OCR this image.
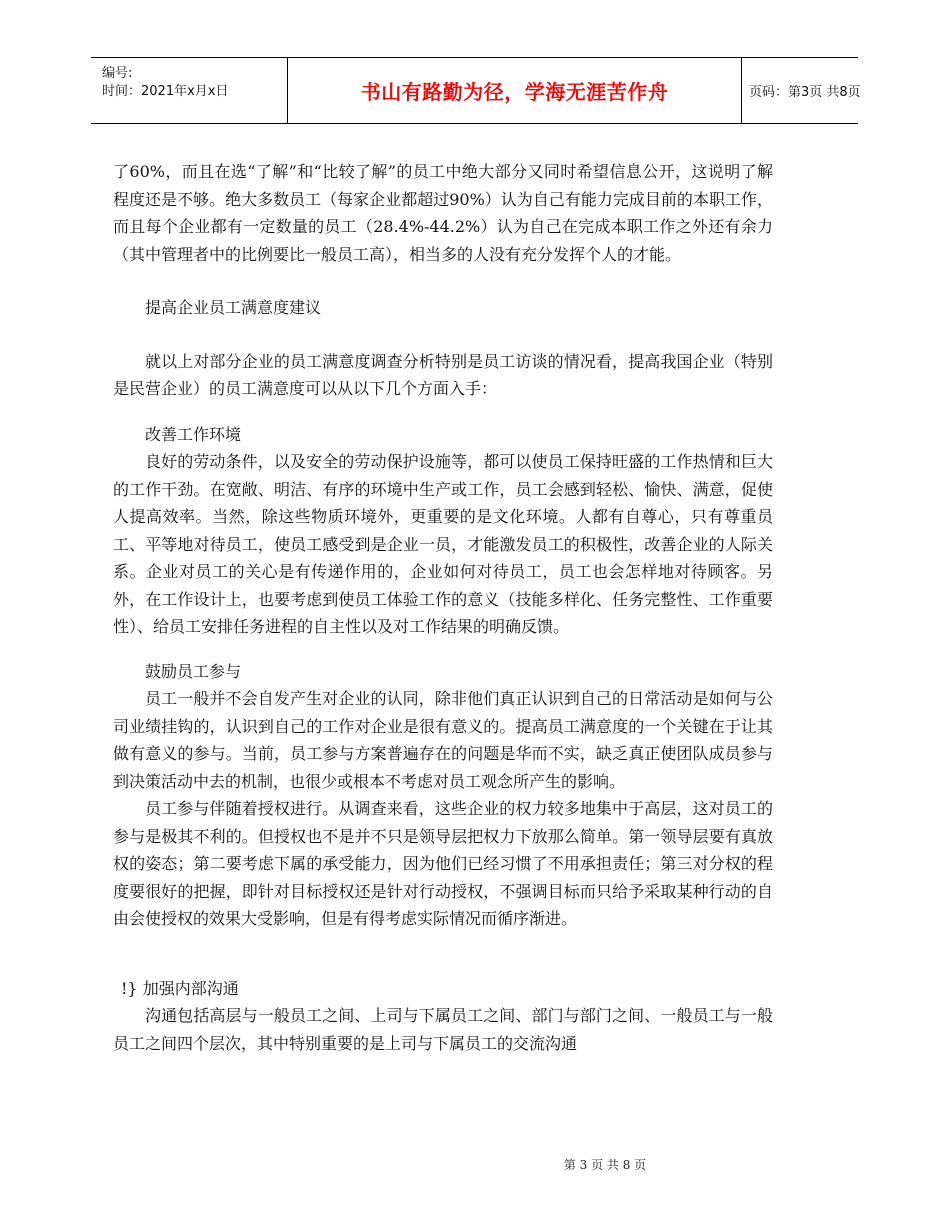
编号:
时间：2021年x月x日	书山有路勤为径，学海无涯苦作舟	页码：第3页 共8页

了60%，而且在选“了解”和“比较了解”的员工中绝大部分又同时希望信息公开，这说明了解程度还是不够。绝大多数员工（每家企业都超过90%）认为自己有能力完成目前的本职工作，而且每个企业都有一定数量的员工（28.4%-44.2%）认为自己在完成本职工作之外还有余力（其中管理者中的比例要比一般员工高），相当多的人没有充分发挥个人的才能。

提高企业员工满意度建议

就以上对部分企业的员工满意度调查分析特别是员工访谈的情况看，提高我国企业（特别是民营企业）的员工满意度可以从以下几个方面入手：

改善工作环境

良好的劳动条件，以及安全的劳动保护设施等，都可以使员工保持旺盛的工作热情和巨大的工作干劲。在宽敞、明洁、有序的环境中生产或工作，员工会感到轻松、愉快、满意，促使人提高效率。当然，除这些物质环境外，更重要的是文化环境。人都有自尊心，只有尊重员工、平等地对待员工，使员工感受到是企业一员，才能激发员工的积极性，改善企业的人际关系。企业对员工的关心是有传递作用的，企业如何对待员工，员工也会怎样地对待顾客。另外，在工作设计上，也要考虑到使员工体验工作的意义（技能多样化、任务完整性、工作重要性）、给员工安排任务进程的自主性以及对工作结果的明确反馈。

鼓励员工参与

员工一般并不会自发产生对企业的认同，除非他们真正认识到自己的日常活动是如何与公司业绩挂钩的，认识到自己的工作对企业是很有意义的。提高员工满意度的一个关键在于让其做有意义的参与。当前，员工参与方案普遍存在的问题是华而不实，缺乏真正使团队成员参与到决策活动中去的机制，也很少或根本不考虑对员工观念所产生的影响。

员工参与伴随着授权进行。从调查来看，这些企业的权力较多地集中于高层，这对员工的参与是极其不利的。但授权也不是并不只是领导层把权力下放那么简单。第一领导层要有真放权的姿态；第二要考虑下属的承受能力，因为他们已经习惯了不用承担责任；第三对分权的程度要很好的把握，即针对目标授权还是针对行动授权，不强调目标而只给予采取某种行动的自由会使授权的效果大受影响，但是有得考虑实际情况而循序渐进。

!} 加强内部沟通

沟通包括高层与一般员工之间、上司与下属员工之间、部门与部门之间、一般员工与一般员工之间四个层次，其中特别重要的是上司与下属员工的交流沟通

第 3 页 共 8 页
